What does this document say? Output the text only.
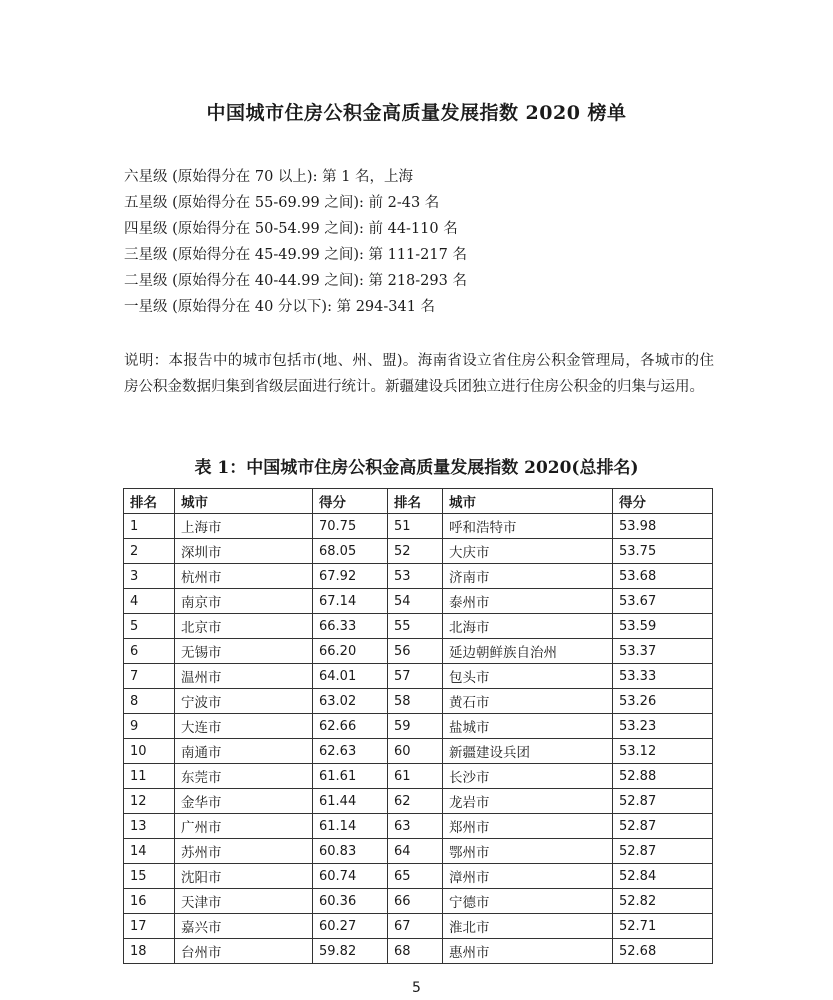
中国城市住房公积金高质量发展指数 2020 榜单
六星级 (原始得分在 70 以上): 第 1 名，上海
五星级 (原始得分在 55-69.99 之间): 前 2-43 名
四星级 (原始得分在 50-54.99 之间): 前 44-110 名
三星级 (原始得分在 45-49.99 之间): 第 111-217 名
二星级 (原始得分在 40-44.99 之间): 第 218-293 名
一星级 (原始得分在 40 分以下): 第 294-341 名
说明：本报告中的城市包括市(地、州、盟)。海南省设立省住房公积金管理局，各城市的住房公积金数据归集到省级层面进行统计。新疆建设兵团独立进行住房公积金的归集与运用。
表 1：中国城市住房公积金高质量发展指数 2020(总排名)
排名	城市	得分	排名	城市	得分
1	上海市	70.75	51	呼和浩特市	53.98
2	深圳市	68.05	52	大庆市	53.75
3	杭州市	67.92	53	济南市	53.68
4	南京市	67.14	54	泰州市	53.67
5	北京市	66.33	55	北海市	53.59
6	无锡市	66.20	56	延边朝鲜族自治州	53.37
7	温州市	64.01	57	包头市	53.33
8	宁波市	63.02	58	黄石市	53.26
9	大连市	62.66	59	盐城市	53.23
10	南通市	62.63	60	新疆建设兵团	53.12
11	东莞市	61.61	61	长沙市	52.88
12	金华市	61.44	62	龙岩市	52.87
13	广州市	61.14	63	郑州市	52.87
14	苏州市	60.83	64	鄂州市	52.87
15	沈阳市	60.74	65	漳州市	52.84
16	天津市	60.36	66	宁德市	52.82
17	嘉兴市	60.27	67	淮北市	52.71
18	台州市	59.82	68	惠州市	52.68
5
